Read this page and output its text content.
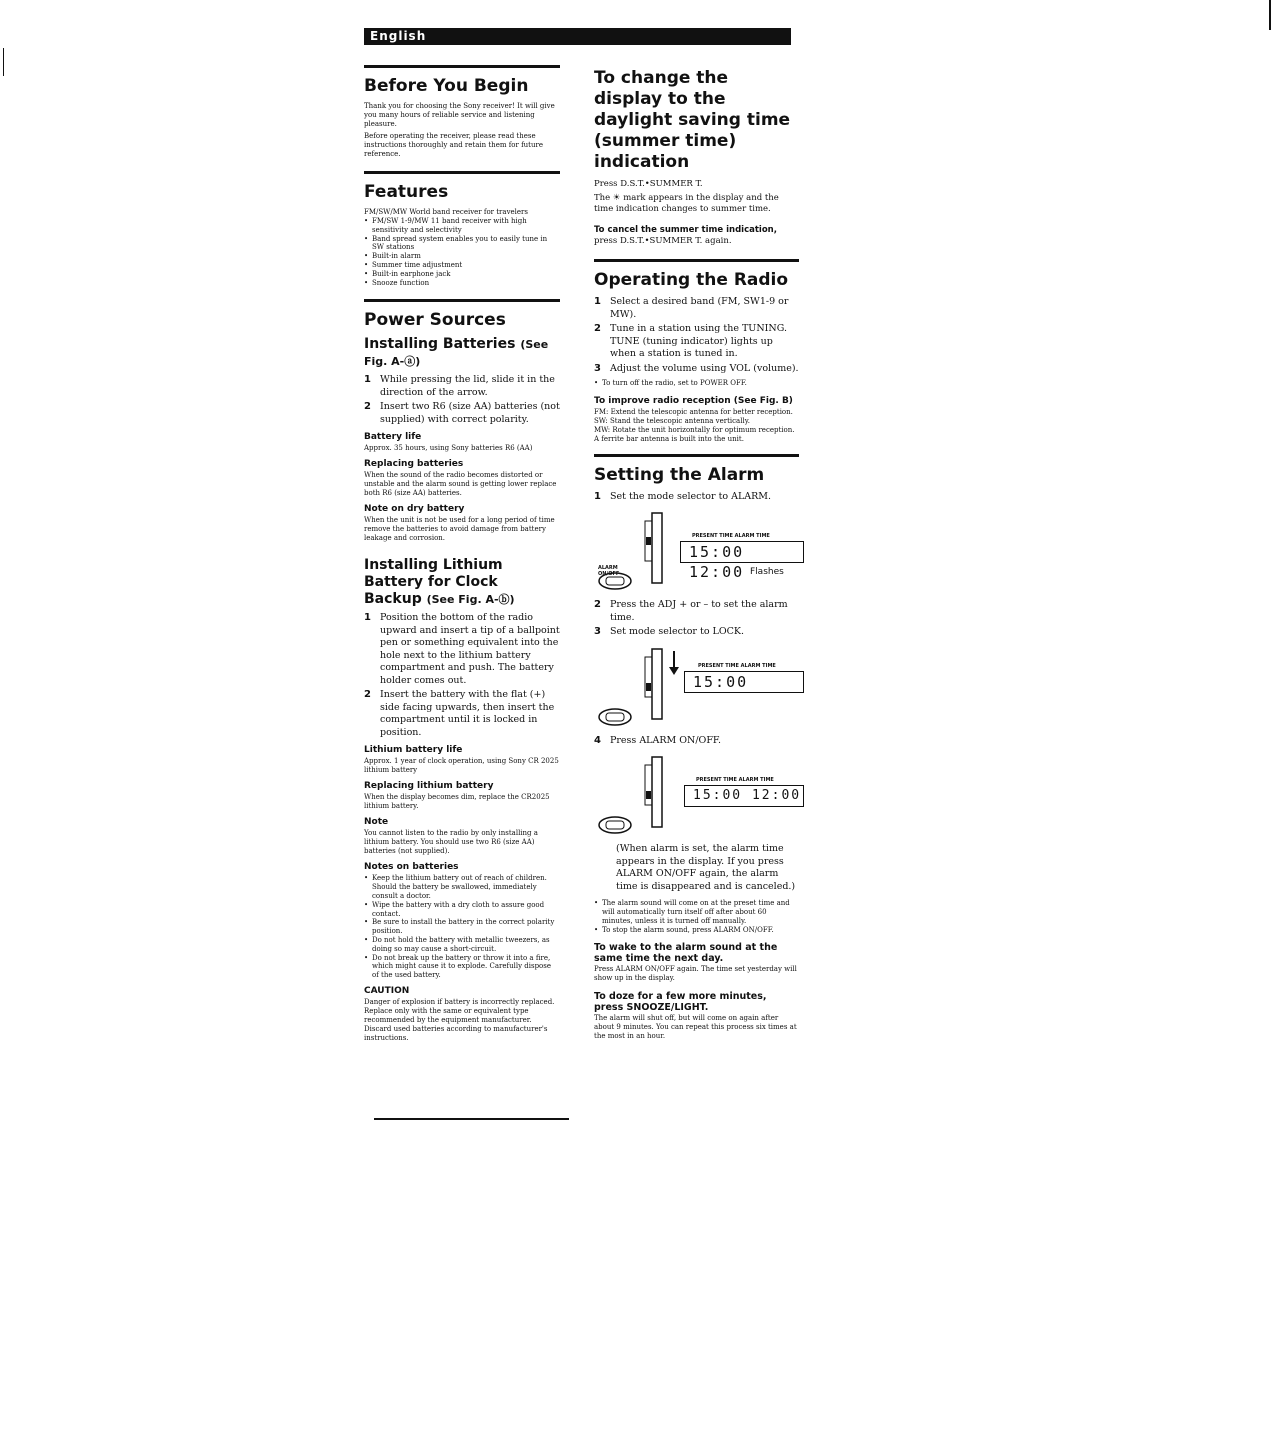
English
Before You Begin

Thank you for choosing the Sony receiver! It will give you many hours of reliable service and listening pleasure.

Before operating the receiver, please read these instructions thoroughly and retain them for future reference.

Features

FM/SW/MW World band receiver for travelers

• FM/SW 1-9/MW 11 band receiver with high sensitivity and selectivity
• Band spread system enables you to easily tune in SW stations
• Built-in alarm
• Summer time adjustment
• Built-in earphone jack
• Snooze function
Power Sources
Installing Batteries (See Fig. A-ⓐ)
1 While pressing the lid, slide it in the direction of the arrow.
2 Insert two R6 (size AA) batteries (not supplied) with correct polarity.
Battery life

Approx. 35 hours, using Sony batteries R6 (AA)

Replacing batteries

When the sound of the radio becomes distorted or unstable and the alarm sound is getting lower replace both R6 (size AA) batteries.

Note on dry battery

When the unit is not be used for a long period of time remove the batteries to avoid damage from battery leakage and corrosion.

Installing Lithium Battery for Clock Backup (See Fig. A-ⓑ)
1 Position the bottom of the radio upward and insert a tip of a ballpoint pen or something equivalent into the hole next to the lithium battery compartment and push. The battery holder comes out.
2 Insert the battery with the flat (+) side facing upwards, then insert the compartment until it is locked in position.
Lithium battery life

Approx. 1 year of clock operation, using Sony CR 2025 lithium battery

Replacing lithium battery

When the display becomes dim, replace the CR2025 lithium battery.

Note

You cannot listen to the radio by only installing a lithium battery. You should use two R6 (size AA) batteries (not supplied).

Notes on batteries
• Keep the lithium battery out of reach of children. Should the battery be swallowed, immediately consult a doctor.
• Wipe the battery with a dry cloth to assure good contact.
• Be sure to install the battery in the correct polarity position.
• Do not hold the battery with metallic tweezers, as doing so may cause a short-circuit.
• Do not break up the battery or throw it into a fire, which might cause it to explode. Carefully dispose of the used battery.
CAUTION

Danger of explosion if battery is incorrectly replaced. Replace only with the same or equivalent type recommended by the equipment manufacturer. Discard used batteries according to manufacturer's instructions.

To change the display to the daylight saving time (summer time) indication

Press D.S.T.•SUMMER T.

The ☀ mark appears in the display and the time indication changes to summer time.

To cancel the summer time indication, press D.S.T.•SUMMER T. again.

Operating the Radio
1 Select a desired band (FM, SW1-9 or MW).
2 Tune in a station using the TUNING. TUNE (tuning indicator) lights up when a station is tuned in.
3 Adjust the volume using VOL (volume).
• To turn off the radio, set to POWER OFF.
To improve radio reception (See Fig. B)

FM: Extend the telescopic antenna for better reception.

SW: Stand the telescopic antenna vertically.

MW: Rotate the unit horizontally for optimum reception. A ferrite bar antenna is built into the unit.

Setting the Alarm
1 Set the mode selector to ALARM.
PRESENT TIME ALARM TIME
15:00 12:00 Flashes
ALARM ON/OFF
2 Press the ADJ + or – to set the alarm time.
3 Set mode selector to LOCK.
PRESENT TIME ALARM TIME
15:00
4 Press ALARM ON/OFF.
PRESENT TIME ALARM TIME
15:00 12:00

(When alarm is set, the alarm time appears in the display. If you press ALARM ON/OFF again, the alarm time is disappeared and is canceled.)

• The alarm sound will come on at the preset time and will automatically turn itself off after about 60 minutes, unless it is turned off manually.
• To stop the alarm sound, press ALARM ON/OFF.
To wake to the alarm sound at the same time the next day.

Press ALARM ON/OFF again. The time set yesterday will show up in the display.

To doze for a few more minutes, press SNOOZE/LIGHT.

The alarm will shut off, but will come on again after about 9 minutes. You can repeat this process six times at the most in an hour.
